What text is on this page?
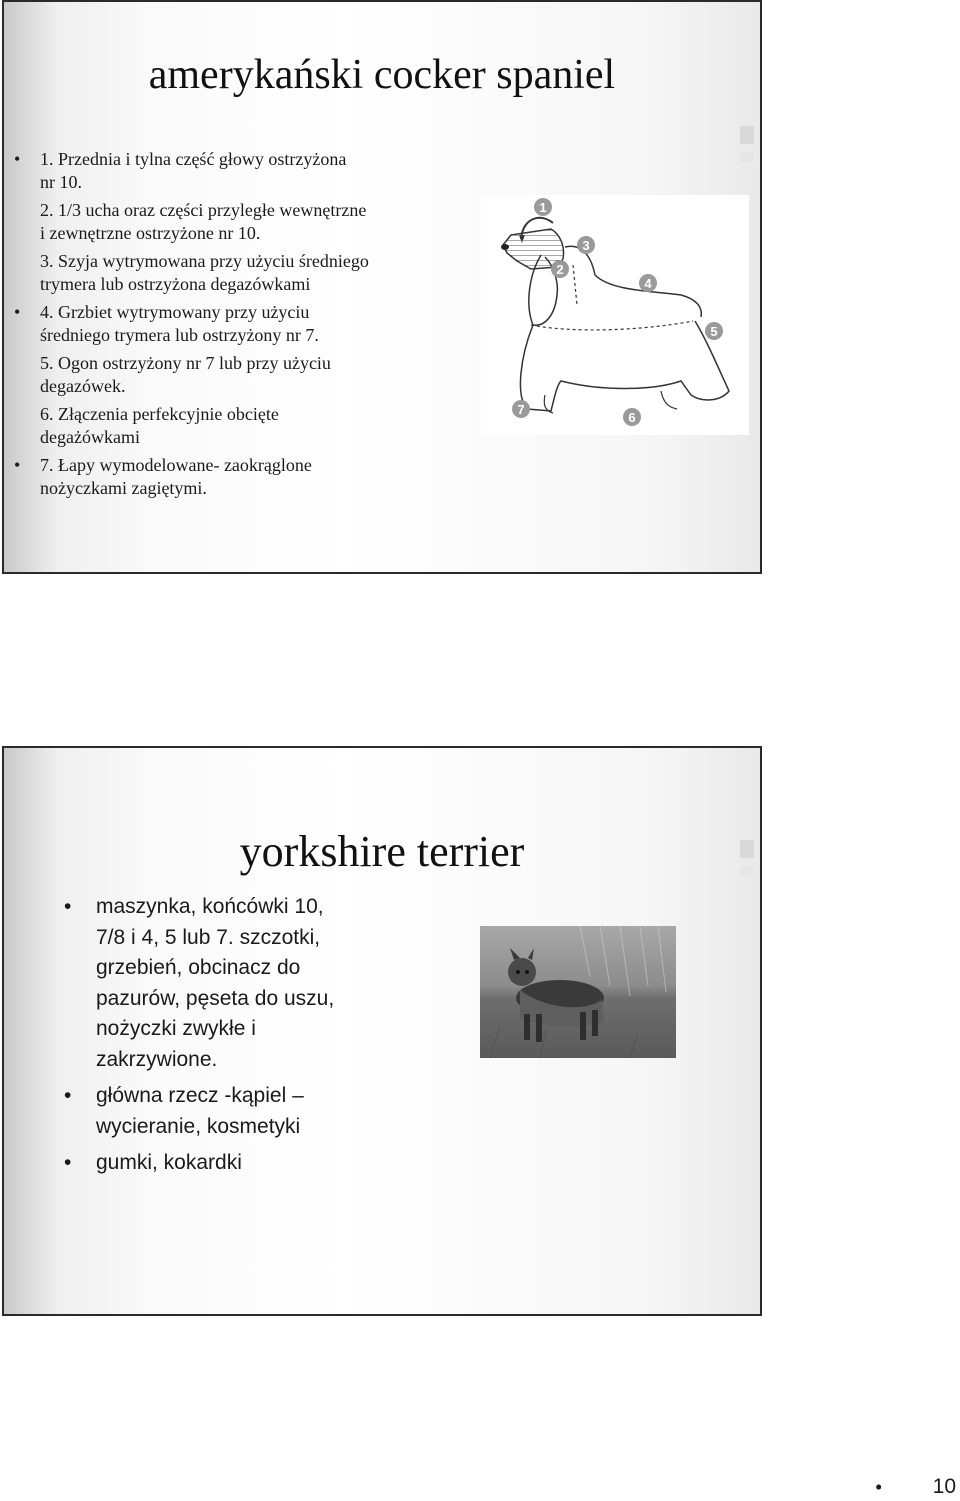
amerykański cocker spaniel
• 1. Przednia i tylna część głowy ostrzyżona
nr 10.
2. 1/3 ucha oraz części przyległe wewnętrzne
i zewnętrzne ostrzyżone nr 10.
3. Szyja wytrymowana przy użyciu średniego
trymera lub ostrzyżona degazówkami
• 4. Grzbiet wytrymowany przy użyciu
średniego trymera lub ostrzyżony nr 7.
5. Ogon ostrzyżony nr 7 lub przy użyciu
degazówek.
6. Złączenia perfekcyjnie obcięte
degażówkami
• 7. Łapy wymodelowane- zaokrąglone
nożyczkami zagiętymi.
1
2
3
4
5
6
7
yorkshire terrier
• maszynka, końcówki 10,
7/8 i 4, 5 lub 7. szczotki,
grzebień, obcinacz do
pazurów, pęseta do uszu,
nożyczki zwykłe i
zakrzywione.
• główna rzecz -kąpiel –
wycieranie, kosmetyki
• gumki, kokardki
• 10
